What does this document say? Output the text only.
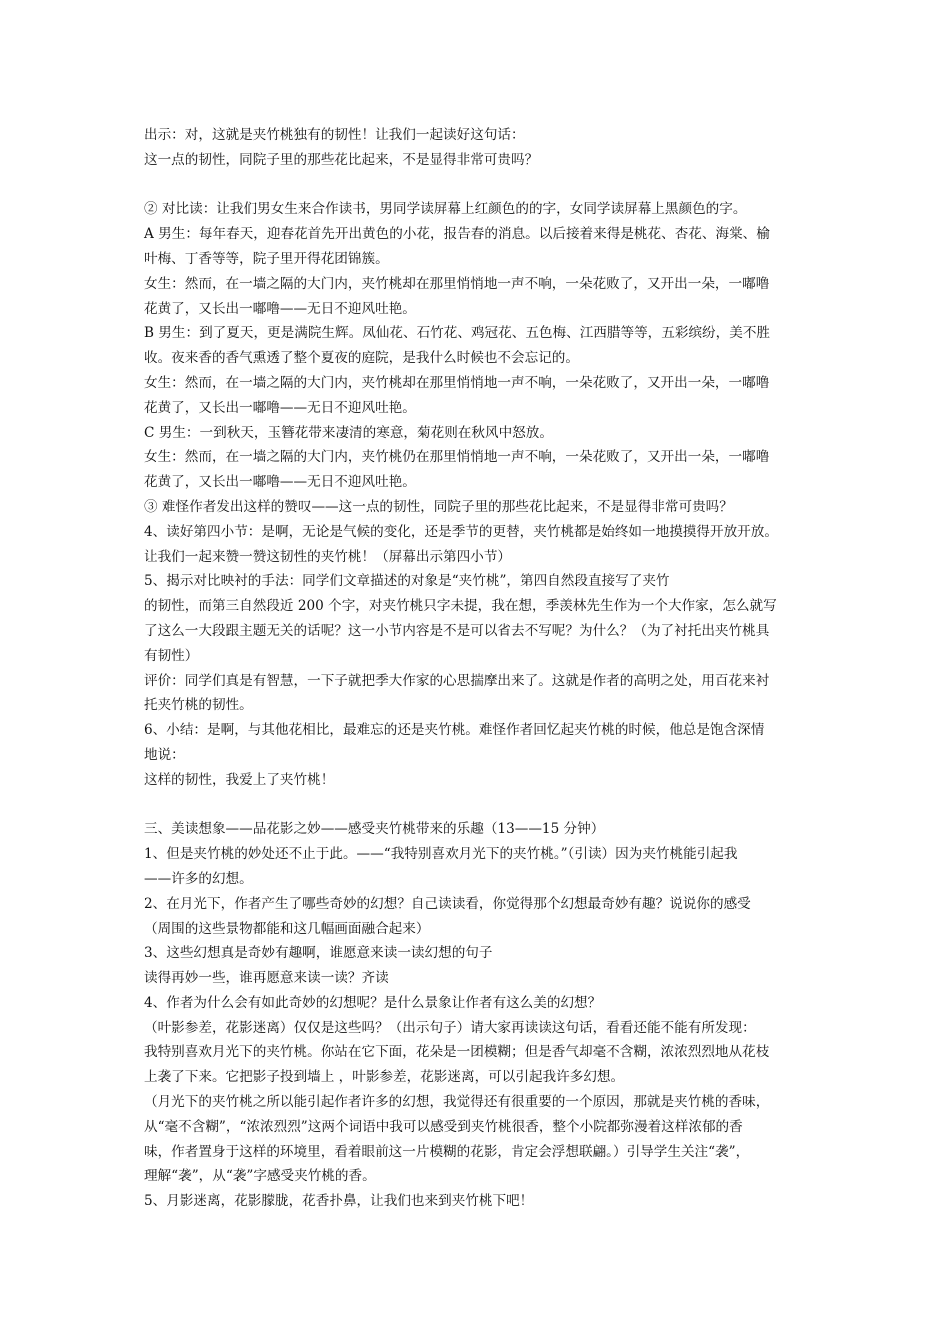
出示：对，这就是夹竹桃独有的韧性！让我们一起读好这句话：

这一点的韧性，同院子里的那些花比起来，不是显得非常可贵吗？

② 对比读：让我们男女生来合作读书，男同学读屏幕上红颜色的的字，女同学读屏幕上黑颜色的字。

A 男生：每年春天，迎春花首先开出黄色的小花，报告春的消息。以后接着来得是桃花、杏花、海棠、榆

叶梅、丁香等等，院子里开得花团锦簇。

女生：然而，在一墙之隔的大门内，夹竹桃却在那里悄悄地一声不响，一朵花败了，又开出一朵，一嘟噜

花黄了，又长出一嘟噜——无日不迎风吐艳。

B 男生：到了夏天，更是满院生辉。凤仙花、石竹花、鸡冠花、五色梅、江西腊等等，五彩缤纷，美不胜

收。夜来香的香气熏透了整个夏夜的庭院，是我什么时候也不会忘记的。

女生：然而，在一墙之隔的大门内，夹竹桃却在那里悄悄地一声不响，一朵花败了，又开出一朵，一嘟噜

花黄了，又长出一嘟噜——无日不迎风吐艳。

C 男生：一到秋天，玉簪花带来凄清的寒意，菊花则在秋风中怒放。

女生：然而，在一墙之隔的大门内，夹竹桃仍在那里悄悄地一声不响，一朵花败了，又开出一朵，一嘟噜

花黄了，又长出一嘟噜——无日不迎风吐艳。

③ 难怪作者发出这样的赞叹——这一点的韧性，同院子里的那些花比起来，不是显得非常可贵吗？

4、读好第四小节：是啊，无论是气候的变化，还是季节的更替，夹竹桃都是始终如一地摸摸得开放开放。

让我们一起来赞一赞这韧性的夹竹桃！（屏幕出示第四小节）

5、揭示对比映衬的手法：同学们文章描述的对象是“夹竹桃”，第四自然段直接写了夹竹

的韧性，而第三自然段近 200 个字，对夹竹桃只字未提，我在想，季羡林先生作为一个大作家，怎么就写

了这么一大段跟主题无关的话呢？这一小节内容是不是可以省去不写呢？为什么？（为了衬托出夹竹桃具

有韧性）

评价：同学们真是有智慧，一下子就把季大作家的心思揣摩出来了。这就是作者的高明之处，用百花来衬

托夹竹桃的韧性。

6、小结：是啊，与其他花相比，最难忘的还是夹竹桃。难怪作者回忆起夹竹桃的时候，他总是饱含深情

地说：

这样的韧性，我爱上了夹竹桃！

三、美读想象——品花影之妙——感受夹竹桃带来的乐趣（13——15 分钟）

1、但是夹竹桃的妙处还不止于此。——“我特别喜欢月光下的夹竹桃。”（引读）因为夹竹桃能引起我

——许多的幻想。

2、在月光下，作者产生了哪些奇妙的幻想？自己读读看，你觉得那个幻想最奇妙有趣？说说你的感受

（周围的这些景物都能和这几幅画面融合起来）

3、这些幻想真是奇妙有趣啊，谁愿意来读一读幻想的句子

读得再妙一些，谁再愿意来读一读？齐读

4、作者为什么会有如此奇妙的幻想呢？是什么景象让作者有这么美的幻想？

（叶影参差，花影迷离）仅仅是这些吗？（出示句子）请大家再读读这句话，看看还能不能有所发现：

我特别喜欢月光下的夹竹桃。你站在它下面，花朵是一团模糊；但是香气却毫不含糊，浓浓烈烈地从花枝

上袭了下来。它把影子投到墙上 ，叶影参差，花影迷离，可以引起我许多幻想。

（月光下的夹竹桃之所以能引起作者许多的幻想，我觉得还有很重要的一个原因，那就是夹竹桃的香味，

从“毫不含糊”，“浓浓烈烈”这两个词语中我可以感受到夹竹桃很香，整个小院都弥漫着这样浓郁的香

味，作者置身于这样的环境里，看着眼前这一片模糊的花影，肯定会浮想联翩。）引导学生关注“袭”，

理解“袭”，从“袭”字感受夹竹桃的香。

5、月影迷离，花影朦胧，花香扑鼻，让我们也来到夹竹桃下吧！
